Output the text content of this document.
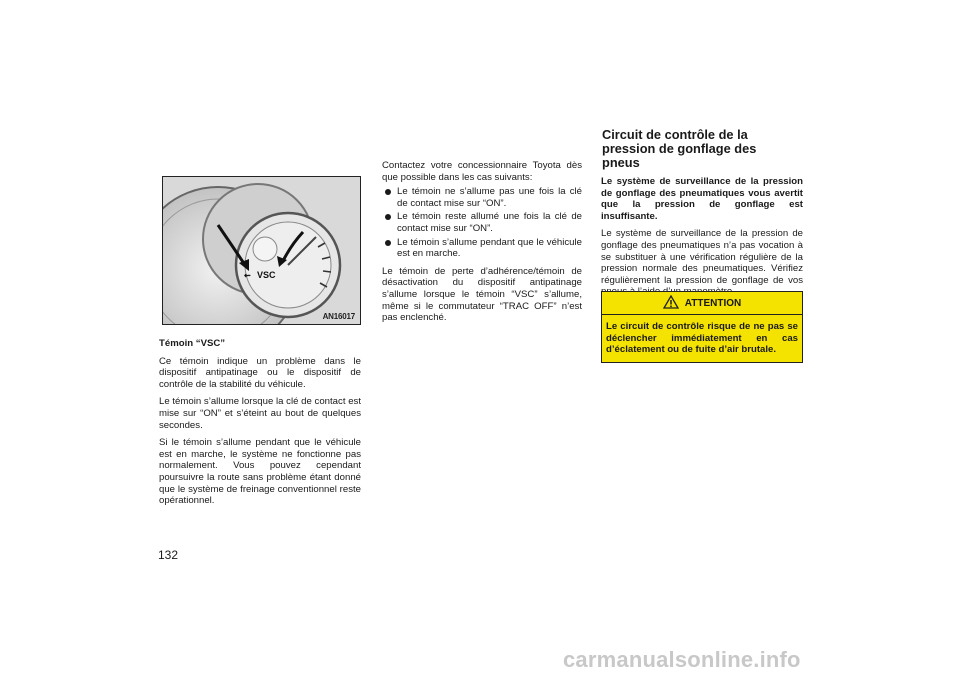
⇜ VSC
AN16017

Témoin “VSC”

Ce témoin indique un problème dans le dispositif antipatinage ou le dispositif de contrôle de la stabilité du véhicule.

Le témoin s’allume lorsque la clé de contact est mise sur “ON” et s’éteint au bout de quelques secondes.

Si le témoin s’allume pendant que le véhicule est en marche, le système ne fonctionne pas normalement. Vous pouvez cependant poursuivre la route sans problème étant donné que le système de freinage conventionnel reste opérationnel.

Contactez votre concessionnaire Toyota dès que possible dans les cas suivants:

Le témoin ne s’allume pas une fois la clé de contact mise sur “ON”.
Le témoin reste allumé une fois la clé de contact mise sur “ON”.
Le témoin s’allume pendant que le véhicule est en marche.

Le témoin de perte d’adhérence/témoin de désactivation du dispositif antipatinage s’allume lorsque le témoin “VSC” s’allume, même si le commutateur “TRAC OFF” n’est pas enclenché.

Circuit de contrôle de la
pression de gonflage des
pneus

Le système de surveillance de la pression de gonflage des pneumatiques vous avertit que la pression de gonflage est insuffisante.

Le système de surveillance de la pression de gonflage des pneumatiques n’a pas vocation à se substituer à une vérification régulière de la pression normale des pneumatiques. Vérifiez régulièrement la pression de gonflage de vos

ATTENTION
Le circuit de contrôle risque de ne pas se déclencher immédiatement en cas d’éclatement ou de fuite d’air brutale.
132
carmanualsonline.info
